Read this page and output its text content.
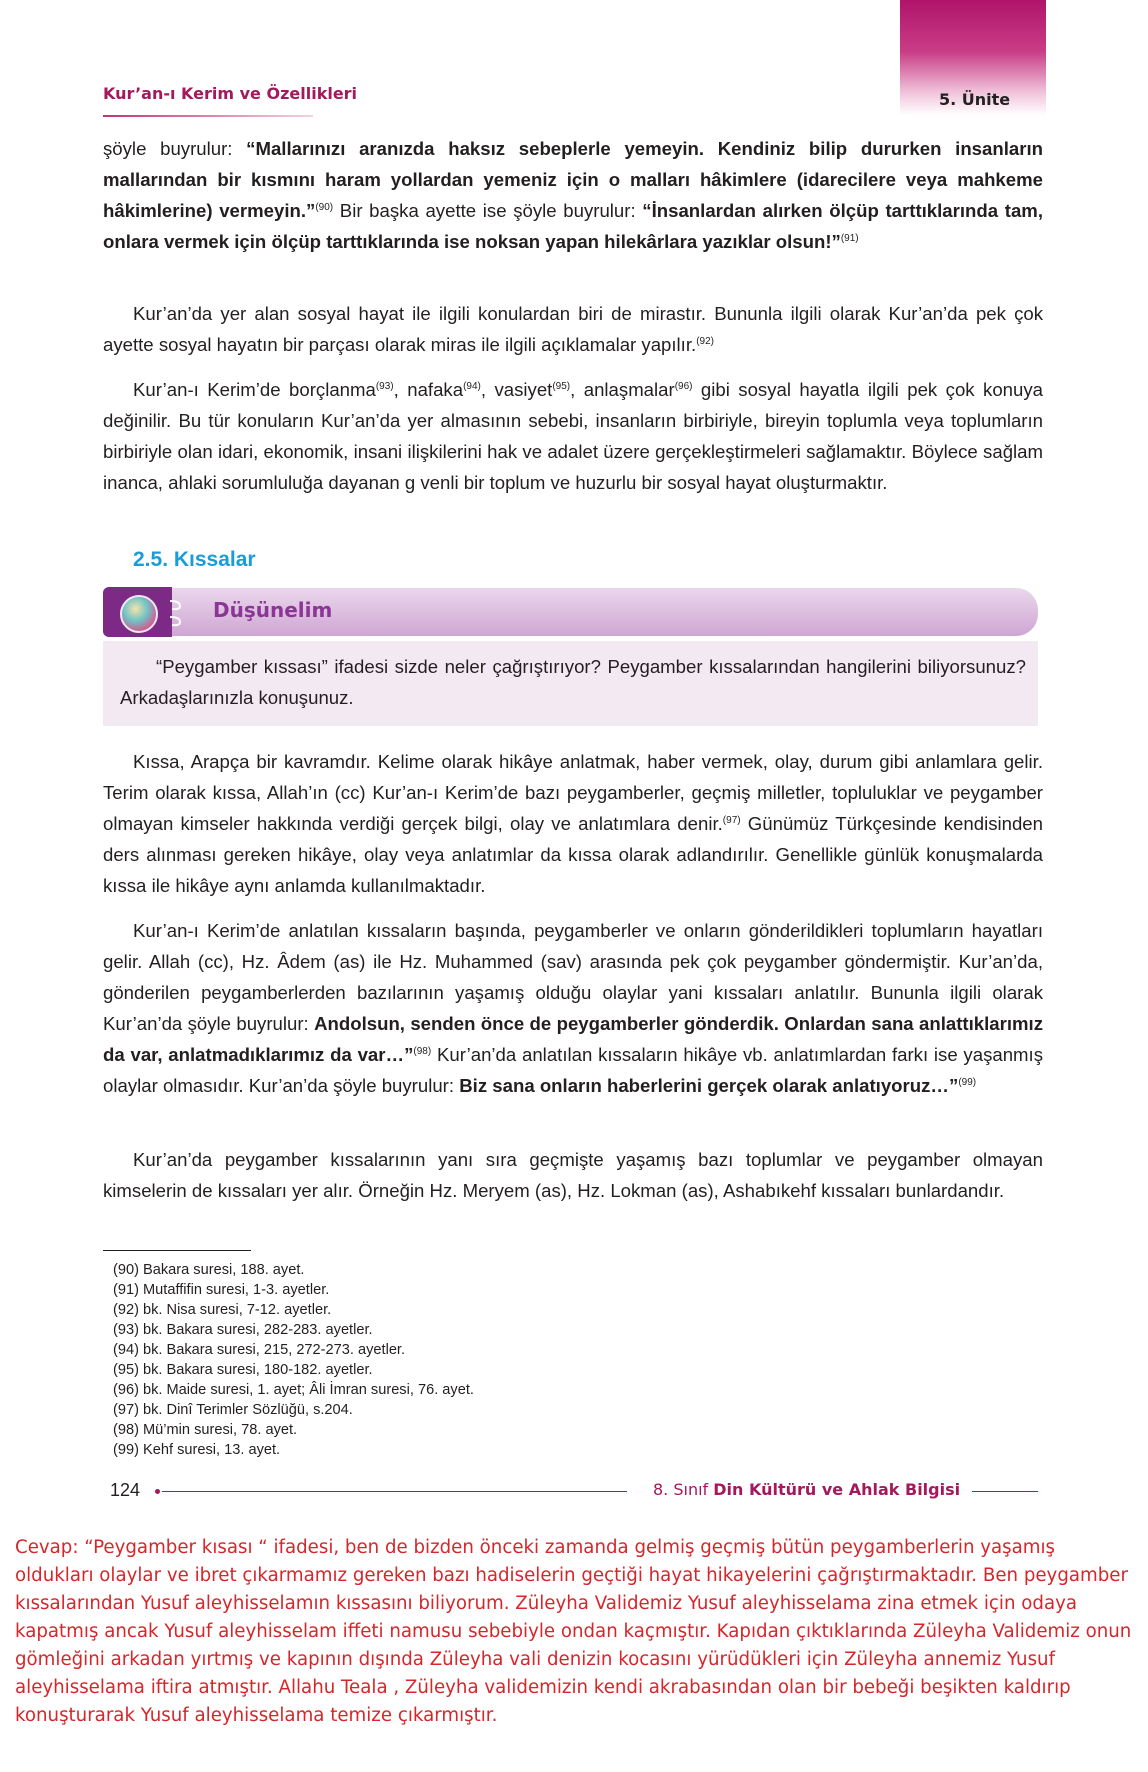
Kur’an-ı Kerim ve Özellikleri	5. Ünite

şöyle buyrulur: “Mallarınızı aranızda haksız sebeplerle yemeyin. Kendiniz bilip dururken insanların mallarından bir kısmını haram yollardan yemeniz için o malları hâkimlere (idarecilere veya mahkeme hâkimlerine) vermeyin.”$^{(90)}$ Bir başka ayette ise şöyle buyrulur: “İnsanlardan alırken ölçüp tarttıklarında tam, onlara vermek için ölçüp tarttıklarında ise noksan yapan hilekârlara yazıklar olsun!”$^{(91)}$

Kur’an’da yer alan sosyal hayat ile ilgili konulardan biri de mirastır. Bununla ilgili olarak Kur’an’da pek çok ayette sosyal hayatın bir parçası olarak miras ile ilgili açıklamalar yapılır.$^{(92)}$

Kur’an-ı Kerim’de borçlanma$^{(93)}$, nafaka$^{(94)}$, vasiyet$^{(95)}$, anlaşmalar$^{(96)}$ gibi sosyal hayatla ilgili pek çok konuya değinilir. Bu tür konuların Kur’an’da yer almasının sebebi, insanların birbiriyle, bireyin toplumla veya toplumların birbiriyle olan idari, ekonomik, insani ilişkilerini hak ve adalet üzere gerçekleştirmeleri sağlamaktır. Böylece sağlam inanca, ahlaki sorumluluğa dayanan g venli bir toplum ve huzurlu bir sosyal hayat oluşturmaktır.

2.5. Kıssalar
Düşünelim

“Peygamber kıssası” ifadesi sizde neler çağrıştırıyor? Peygamber kıssalarından hangilerini biliyorsunuz? Arkadaşlarınızla konuşunuz.

Kıssa, Arapça bir kavramdır. Kelime olarak hikâye anlatmak, haber vermek, olay, durum gibi anlamlara gelir. Terim olarak kıssa, Allah’ın (cc) Kur’an-ı Kerim’de bazı peygamberler, geçmiş milletler, topluluklar ve peygamber olmayan kimseler hakkında verdiği gerçek bilgi, olay ve anlatımlara denir.$^{(97)}$ Günümüz Türkçesinde kendisinden ders alınması gereken hikâye, olay veya anlatımlar da kıssa olarak adlandırılır. Genellikle günlük konuşmalarda kıssa ile hikâye aynı anlamda kullanılmaktadır.

Kur’an-ı Kerim’de anlatılan kıssaların başında, peygamberler ve onların gönderildikleri toplumların hayatları gelir. Allah (cc), Hz. Âdem (as) ile Hz. Muhammed (sav) arasında pek çok peygamber göndermiştir. Kur’an’da, gönderilen peygamberlerden bazılarının yaşamış olduğu olaylar yani kıssaları anlatılır. Bununla ilgili olarak Kur’an’da şöyle buyrulur: Andolsun, senden önce de peygamberler gönderdik. Onlardan sana anlattıklarımız da var, anlatmadıklarımız da var…”$^{(98)}$ Kur’an’da anlatılan kıssaların hikâye vb. anlatımlardan farkı ise yaşanmış olaylar olmasıdır. Kur’an’da şöyle buyrulur: Biz sana onların haberlerini gerçek olarak anlatıyoruz…”$^{(99)}$

Kur’an’da peygamber kıssalarının yanı sıra geçmişte yaşamış bazı toplumlar ve peygamber olmayan kimselerin de kıssaları yer alır. Örneğin Hz. Meryem (as), Hz. Lokman (as), Ashabıkehf kıssaları bunlardandır.

(90) Bakara suresi, 188. ayet.
(91) Mutaffifin suresi, 1-3. ayetler.
(92) bk. Nisa suresi, 7-12. ayetler.
(93) bk. Bakara suresi, 282-283. ayetler.
(94) bk. Bakara suresi, 215, 272-273. ayetler.
(95) bk. Bakara suresi, 180-182. ayetler.
(96) bk. Maide suresi, 1. ayet; Âli İmran suresi, 76. ayet.
(97) bk. Dinî Terimler Sözlüğü, s.204.
(98) Mü’min suresi, 78. ayet.
(99) Kehf suresi, 13. ayet.
124	8. Sınıf Din Kültürü ve Ahlak Bilgisi

Cevap: “Peygamber kısası “ ifadesi, ben de bizden önceki zamanda gelmiş geçmiş bütün peygamberlerin yaşamış oldukları olaylar ve ibret çıkarmamız gereken bazı hadiselerin geçtiği hayat hikayelerini çağrıştırmaktadır. Ben peygamber kıssalarından Yusuf aleyhisselamın kıssasını biliyorum. Züleyha Validemiz Yusuf aleyhisselama zina etmek için odaya kapatmış ancak Yusuf aleyhisselam iffeti namusu sebebiyle ondan kaçmıştır. Kapıdan çıktıklarında Züleyha Validemiz onun gömleğini arkadan yırtmış ve kapının dışında Züleyha vali denizin kocasını yürüdükleri için Züleyha annemiz Yusuf aleyhisselama iftira atmıştır. Allahu Teala , Züleyha validemizin kendi akrabasından olan bir bebeği beşikten kaldırıp konuşturarak Yusuf aleyhisselama temize çıkarmıştır.
